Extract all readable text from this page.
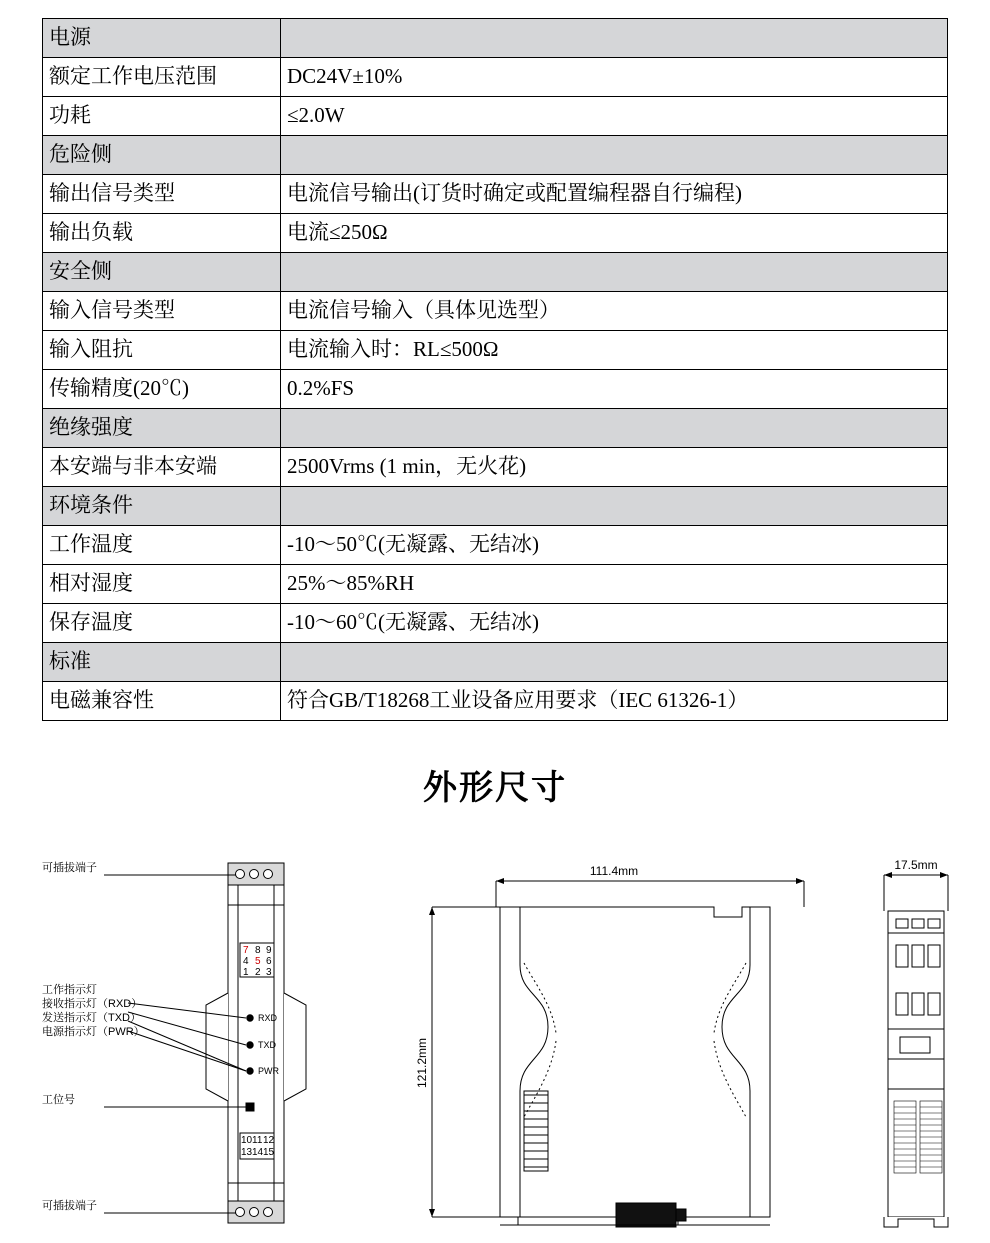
电源	
额定工作电压范围	DC24V±10%
功耗	≤2.0W
危险侧	
输出信号类型	电流信号输出(订货时确定或配置编程器自行编程)
输出负载	电流≤250Ω
安全侧	
输入信号类型	电流信号输入（具体见选型）
输入阻抗	电流输入时：RL≤500Ω
传输精度(20℃)	0.2%FS
绝缘强度	
本安端与非本安端	2500Vrms (1 min，无火花)
环境条件	
工作温度	-10～50℃(无凝露、无结冰)
相对湿度	25%～85%RH
保存温度	-10～60℃(无凝露、无结冰)
标准	
电磁兼容性	符合GB/T18268工业设备应用要求（IEC 61326-1）
外形尺寸
可插拔端子
可插拔端子
工作指示灯
接收指示灯（RXD）
发送指示灯（TXD）
电源指示灯（PWR）
工位号
RXD
TXD
PWR
7 8 9
4 5 6
1 2 3
10 11 12
13 14 15
111.4mm	17.5mm
121.2mm
